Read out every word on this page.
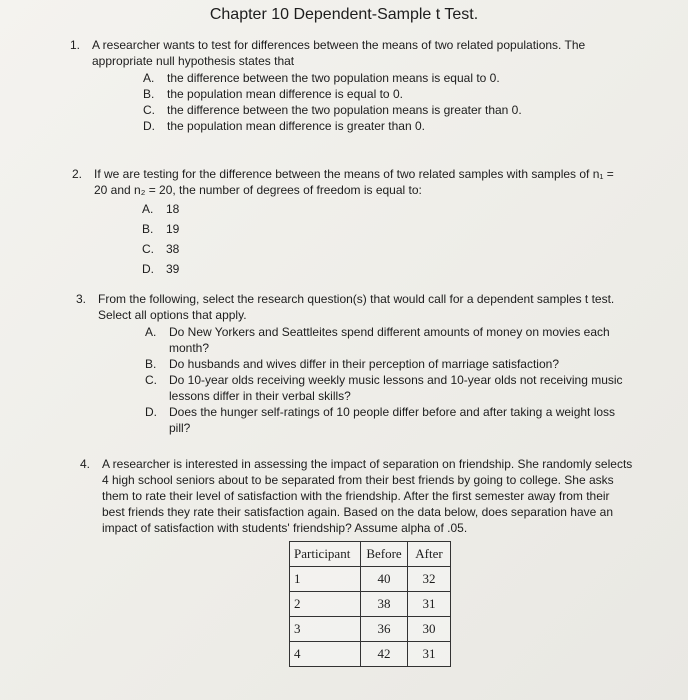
Chapter 10 Dependent-Sample t Test.
1. A researcher wants to test for differences between the means of two related populations. The
appropriate null hypothesis states that
A. the difference between the two population means is equal to 0.
B. the population mean difference is equal to 0.
C. the difference between the two population means is greater than 0.
D. the population mean difference is greater than 0.
2. If we are testing for the difference between the means of two related samples with samples of n₁ =
20 and n₂ = 20, the number of degrees of freedom is equal to:
A. 18
B. 19
C. 38
D. 39
3. From the following, select the research question(s) that would call for a dependent samples t test.
Select all options that apply.
A. Do New Yorkers and Seattleites spend different amounts of money on movies each
month?
B. Do husbands and wives differ in their perception of marriage satisfaction?
C. Do 10-year olds receiving weekly music lessons and 10-year olds not receiving music
lessons differ in their verbal skills?
D. Does the hunger self-ratings of 10 people differ before and after taking a weight loss
pill?
4. A researcher is interested in assessing the impact of separation on friendship. She randomly selects
4 high school seniors about to be separated from their best friends by going to college. She asks
them to rate their level of satisfaction with the friendship. After the first semester away from their
best friends they rate their satisfaction again. Based on the data below, does separation have an
impact of satisfaction with students' friendship? Assume alpha of .05.
Participant	Before	After
1	40	32
2	38	31
3	36	30
4	42	31
